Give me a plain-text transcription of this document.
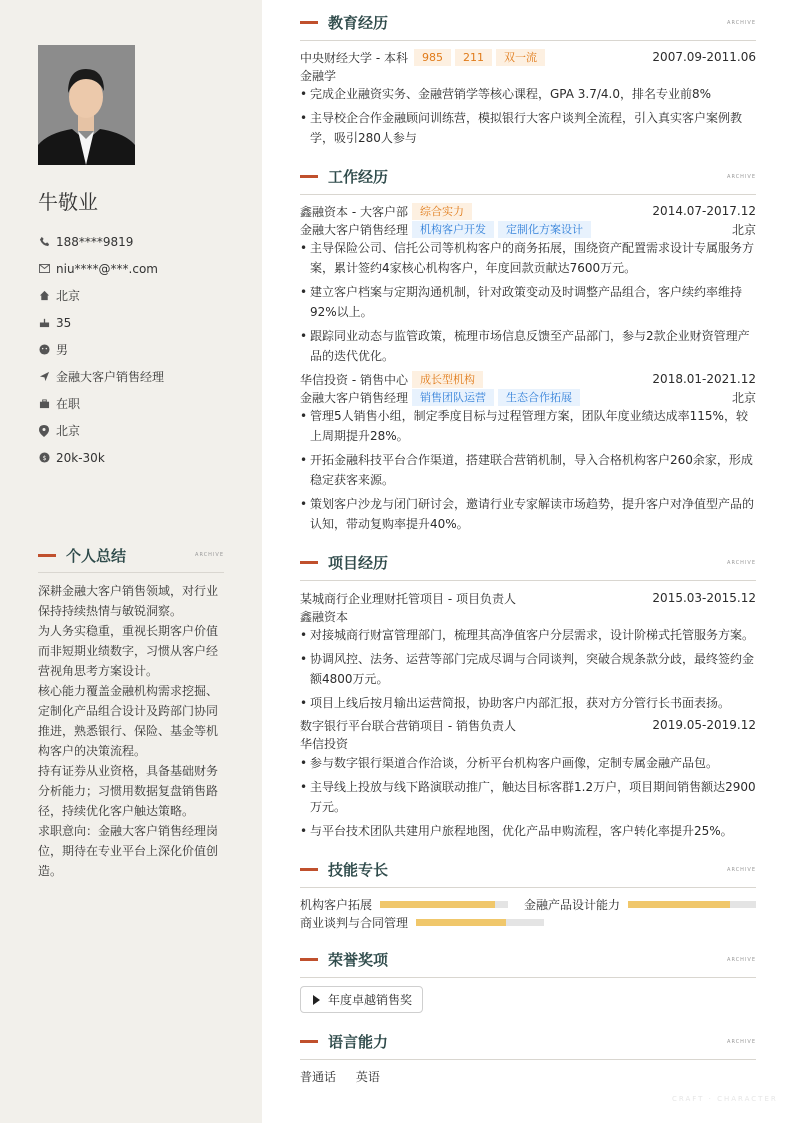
牛敬业
188****9819
niu****@***.com
北京
35
男
金融大客户销售经理
在职
北京
$ 20k-30k
个人总结	ARCHIVE
深耕金融大客户销售领域，对行业保持持续热情与敏锐洞察。
为人务实稳重，重视长期客户价值而非短期业绩数字，习惯从客户经营视角思考方案设计。
核心能力覆盖金融机构需求挖掘、定制化产品组合设计及跨部门协同推进，熟悉银行、保险、基金等机构客户的决策流程。
持有证券从业资格，具备基础财务分析能力；习惯用数据复盘销售路径，持续优化客户触达策略。
求职意向：金融大客户销售经理岗位，期待在专业平台上深化价值创造。
教育经历	ARCHIVE
中央财经大学 - 本科	985	211	双一流	2007.09-2011.06
金融学
• 完成企业融资实务、金融营销学等核心课程，GPA 3.7/4.0，排名专业前8%
• 主导校企合作金融顾问训练营，模拟银行大客户谈判全流程，引入真实客户案例教学，吸引280人参与
工作经历	ARCHIVE
鑫融资本 - 大客户部	综合实力	2014.07-2017.12
金融大客户销售经理	机构客户开发	定制化方案设计	北京
• 主导保险公司、信托公司等机构客户的商务拓展，围绕资产配置需求设计专属服务方案，累计签约4家核心机构客户，年度回款贡献达7600万元。
• 建立客户档案与定期沟通机制，针对政策变动及时调整产品组合，客户续约率维持92%以上。
• 跟踪同业动态与监管政策，梳理市场信息反馈至产品部门，参与2款企业财资管理产品的迭代优化。
华信投资 - 销售中心	成长型机构	2018.01-2021.12
金融大客户销售经理	销售团队运营	生态合作拓展	北京
• 管理5人销售小组，制定季度目标与过程管理方案，团队年度业绩达成率115%，较上周期提升28%。
• 开拓金融科技平台合作渠道，搭建联合营销机制，导入合格机构客户260余家，形成稳定获客来源。
• 策划客户沙龙与闭门研讨会，邀请行业专家解读市场趋势，提升客户对净值型产品的认知，带动复购率提升40%。
项目经历	ARCHIVE
某城商行企业理财托管项目 - 项目负责人	2015.03-2015.12
鑫融资本
• 对接城商行财富管理部门，梳理其高净值客户分层需求，设计阶梯式托管服务方案。
• 协调风控、法务、运营等部门完成尽调与合同谈判，突破合规条款分歧，最终签约金额4800万元。
• 项目上线后按月输出运营简报，协助客户内部汇报，获对方分管行长书面表扬。
数字银行平台联合营销项目 - 销售负责人	2019.05-2019.12
华信投资
• 参与数字银行渠道合作洽谈，分析平台机构客户画像，定制专属金融产品包。
• 主导线上投放与线下路演联动推广，触达目标客群1.2万户，项目期间销售额达2900万元。
• 与平台技术团队共建用户旅程地图，优化产品申购流程，客户转化率提升25%。
技能专长	ARCHIVE
机构客户拓展	金融产品设计能力
商业谈判与合同管理
荣誉奖项	ARCHIVE
年度卓越销售奖
语言能力	ARCHIVE
普通话 英语
CRAFT · CHARACTER
